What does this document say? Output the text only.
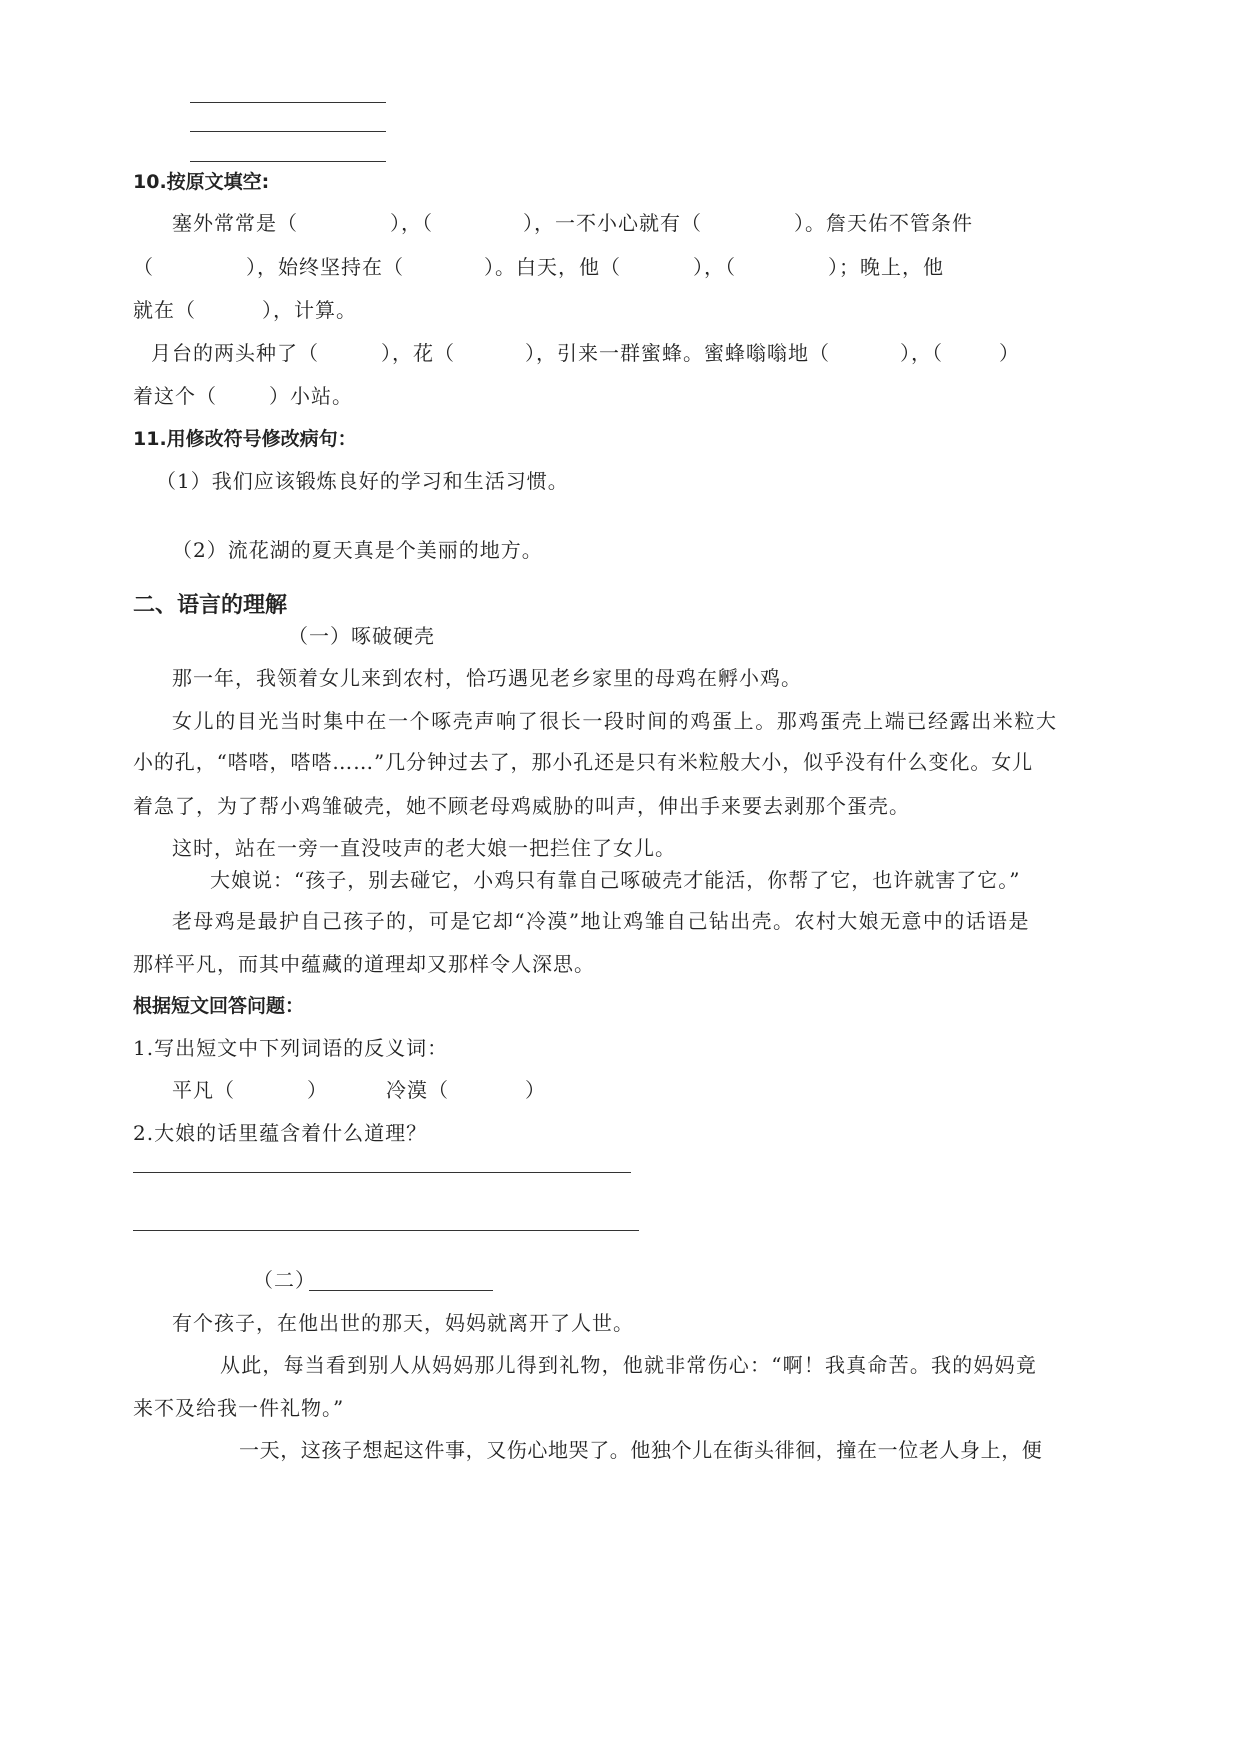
10.按原文填空:
塞外常常是（	），（	），一不小心就有（	）。詹天佑不管条件
（	），始终坚持在（	）。白天，他（	），（	）；晚上，他
就在（	），计算。
月台的两头种了（	），花（	），引来一群蜜蜂。蜜蜂嗡嗡地（	），（	）
着这个（	）小站。
11.用修改符号修改病句：
（1）我们应该锻炼良好的学习和生活习惯。
（2）流花湖的夏天真是个美丽的地方。
二、语言的理解
（一）啄破硬壳
那一年，我领着女儿来到农村，恰巧遇见老乡家里的母鸡在孵小鸡。
女儿的目光当时集中在一个啄壳声响了很长一段时间的鸡蛋上。那鸡蛋壳上端已经露出米粒大
小的孔，“嗒嗒，嗒嗒……”几分钟过去了，那小孔还是只有米粒般大小，似乎没有什么变化。女儿
着急了，为了帮小鸡雏破壳，她不顾老母鸡威胁的叫声，伸出手来要去剥那个蛋壳。
这时，站在一旁一直没吱声的老大娘一把拦住了女儿。
大娘说：“孩子，别去碰它，小鸡只有靠自己啄破壳才能活，你帮了它，也许就害了它。”
老母鸡是最护自己孩子的，可是它却“冷漠”地让鸡雏自己钻出壳。农村大娘无意中的话语是
那样平凡，而其中蕴藏的道理却又那样令人深思。
根据短文回答问题：
1.写出短文中下列词语的反义词：
平凡（	）	冷漠（	）
2.大娘的话里蕴含着什么道理？
（二）
有个孩子，在他出世的那天，妈妈就离开了人世。
从此，每当看到别人从妈妈那儿得到礼物，他就非常伤心：“啊！我真命苦。我的妈妈竟
来不及给我一件礼物。”
一天，这孩子想起这件事，又伤心地哭了。他独个儿在街头徘徊，撞在一位老人身上，便
